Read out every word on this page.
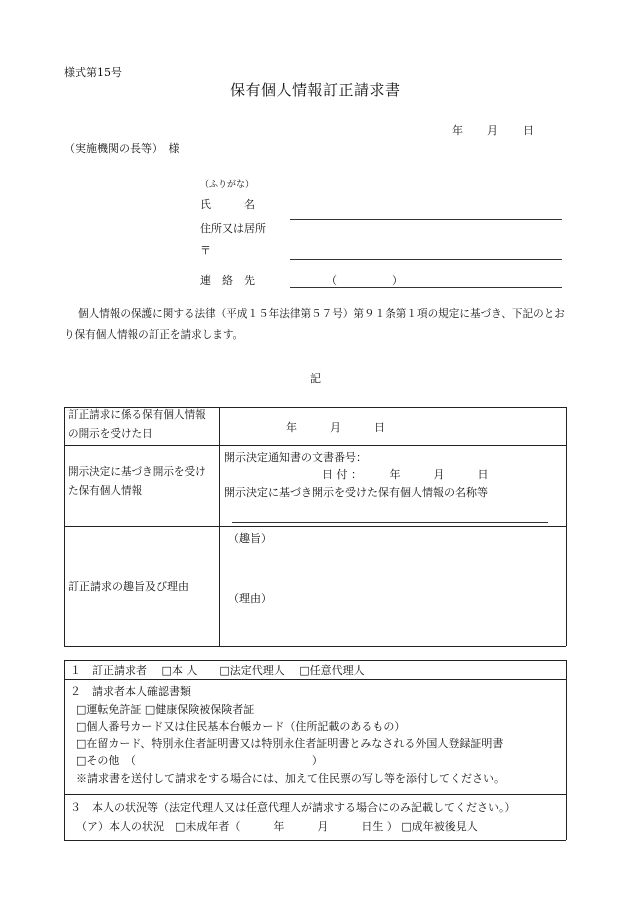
様式第15号
保有個人情報訂正請求書
年 月 日
（実施機関の長等）　様
（ふりがな）
氏　　　名
住所又は居所
〒
連　絡　先	（　　　　　）
個人情報の保護に関する法律（平成１５年法律第５７号）第９１条第１項の規定に基づき、下記のとおり保有個人情報の訂正を請求します。
記
訂正請求に係る保有個人情報の開示を受けた日	年　　　月　　　日
開示決定に基づき開示を受けた保有個人情報
開示決定通知書の文書番号：
日 付 ：　　　年　　　月　　　日
開示決定に基づき開示を受けた保有個人情報の名称等
訂正請求の趣旨及び理由
（趣旨）
（理由）
１　訂正請求者　 □本 人　　□法定代理人　 □任意代理人
２　請求者本人確認書類
□運転免許証 □健康保険被保険者証
□個人番号カード又は住民基本台帳カード（住所記載のあるもの）
□在留カード、特別永住者証明書又は特別永住者証明書とみなされる外国人登録証明書
□その他　（　　　　　　　　　　　　　　　　）
※請求書を送付して請求をする場合には、加えて住民票の写し等を添付してください。
３　本人の状況等（法定代理人又は任意代理人が請求する場合にのみ記載してください。）
（ア）本人の状況　□未成年者（　　　年　　　月　　　日生 ） □成年被後見人
